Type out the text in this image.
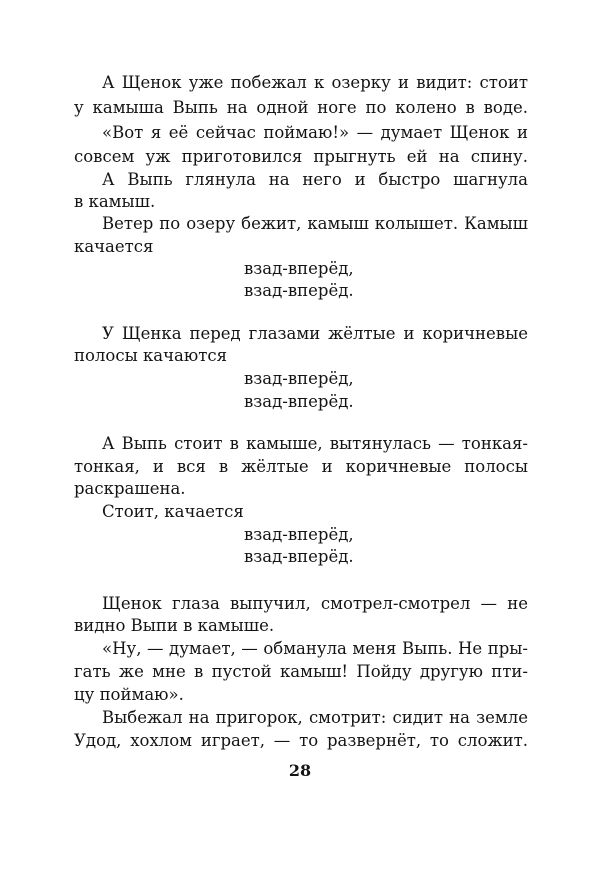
А Щенок уже побежал к озерку и видит: стоит
у камыша Выпь на одной ноге по колено в воде.
«Вот я её сейчас поймаю!» — думает Щенок и
совсем уж приготовился прыгнуть ей на спину.
А Выпь глянула на него и быстро шагнула
в камыш.
Ветер по озеру бежит, камыш колышет. Камыш
качается
взад-вперёд,
взад-вперёд.
У Щенка перед глазами жёлтые и коричневые
полосы качаются
взад-вперёд,
взад-вперёд.
А Выпь стоит в камыше, вытянулась — тонкая-
тонкая, и вся в жёлтые и коричневые полосы
раскрашена.
Стоит, качается
взад-вперёд,
взад-вперёд.
Щенок глаза выпучил, смотрел-смотрел — не
видно Выпи в камыше.
«Ну, — думает, — обманула меня Выпь. Не пры-
гать же мне в пустой камыш! Пойду другую пти-
цу поймаю».
Выбежал на пригорок, смотрит: сидит на земле
Удод, хохлом играет, — то развернёт, то сложит.
28
